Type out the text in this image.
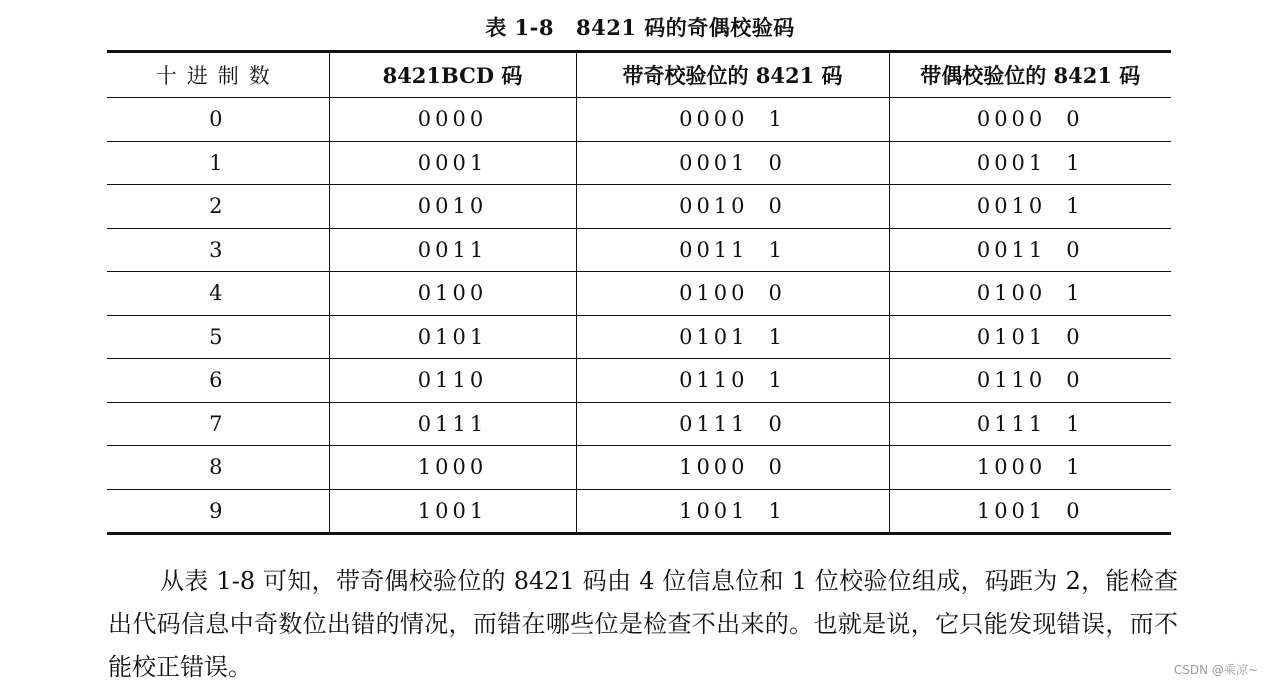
表 1-8 8421 码的奇偶校验码
十进制数	8421BCD 码	带奇校验位的 8421 码	带偶校验位的 8421 码
0	0000	0000 1	0000 0
1	0001	0001 0	0001 1
2	0010	0010 0	0010 1
3	0011	0011 1	0011 0
4	0100	0100 0	0100 1
5	0101	0101 1	0101 0
6	0110	0110 1	0110 0
7	0111	0111 0	0111 1
8	1000	1000 0	1000 1
9	1001	1001 1	1001 0
从表 1-8 可知，带奇偶校验位的 8421 码由 4 位信息位和 1 位校验位组成，码距为 2，能检查出代码信息中奇数位出错的情况，而错在哪些位是检查不出来的。也就是说，它只能发现错误，而不能校正错误。	CSDN @乘凉~
